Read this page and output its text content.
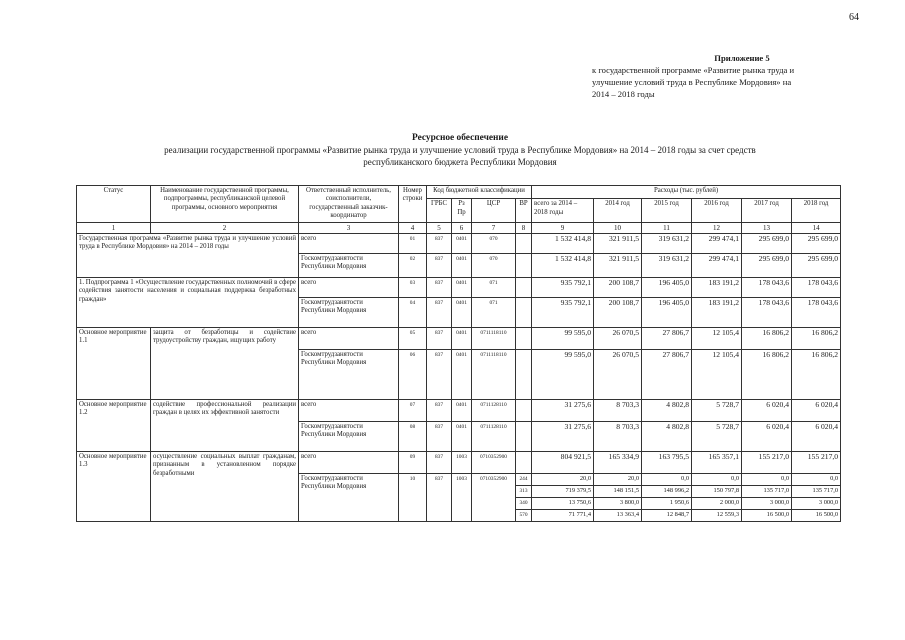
64
Приложение 5
к государственной программе «Развитие рынка труда и
улучшение условий труда в Республике Мордовия» на
2014 – 2018 годы
Ресурсное обеспечение
реализации государственной программы «Развитие рынка труда и улучшение условий труда в Республике Мордовия» на 2014 – 2018 годы за счет средств
республиканского бюджета Республики Мордовия
Статус	Наименование государственной программы, подпрограммы, республиканской целевой программы, основного мероприятия	Ответственный исполнитель, соисполнители, государственный заказчик-координатор	Номер строки	Код бюджетной классификации				Расходы (тыс. рублей)					
				ГРБС	Рз Пр	ЦСР	ВР	всего за 2014 – 2018 годы	2014 год	2015 год	2016 год	2017 год	2018 год
1	2	3	4	5	6	7	8	9	10	11	12	13	14
Государственная программа «Развитие рынка труда и улучшение условий труда в Республике Мордовия» на 2014 – 2018 годы		всего	01	837	0401	070		1 532 414,8	321 911,5	319 631,2	299 474,1	295 699,0	295 699,0
		Госкомтрудзанятости Республики Мордовия	02	837	0401	070		1 532 414,8	321 911,5	319 631,2	299 474,1	295 699,0	295 699,0
1. Подпрограмма 1 «Осуществление государственных полномочий в сфере содействия занятости населения и социальная поддержка безработных граждан»		всего	03	837	0401	071		935 792,1	200 108,7	196 405,0	183 191,2	178 043,6	178 043,6
		Госкомтрудзанятости Республики Мордовия	04	837	0401	071		935 792,1	200 108,7	196 405,0	183 191,2	178 043,6	178 043,6
Основное мероприятие 1.1	защита от безработицы и содействие трудоустройству граждан, ищущих работу	всего	05	837	0401	0711118110		99 595,0	26 070,5	27 806,7	12 105,4	16 806,2	16 806,2
		Госкомтрудзанятости Республики Мордовия	06	837	0401	0711118110		99 595,0	26 070,5	27 806,7	12 105,4	16 806,2	16 806,2
Основное мероприятие 1.2	содействие профессиональной реализации граждан в целях их эффективной занятости	всего	07	837	0401	0711128110		31 275,6	8 703,3	4 802,8	5 728,7	6 020,4	6 020,4
		Госкомтрудзанятости Республики Мордовия	08	837	0401	0711128110		31 275,6	8 703,3	4 802,8	5 728,7	6 020,4	6 020,4
Основное мероприятие 1.3	осуществление социальных выплат гражданам, признанным в установленном порядке безработными	всего	09	837	1003	0710352900		804 921,5	165 334,9	163 795,5	165 357,1	155 217,0	155 217,0
		Госкомтрудзанятости Республики Мордовия	10	837	1003	0710352900	244	20,0	20,0	0,0	0,0	0,0	0,0
							313	719 379,5	148 151,5	148 996,2	150 797,8	135 717,0	135 717,0
							340	13 750,6	3 800,0	1 950,6	2 000,0	3 000,0	3 000,0
							570	71 771,4	13 363,4	12 848,7	12 559,3	16 500,0	16 500,0
